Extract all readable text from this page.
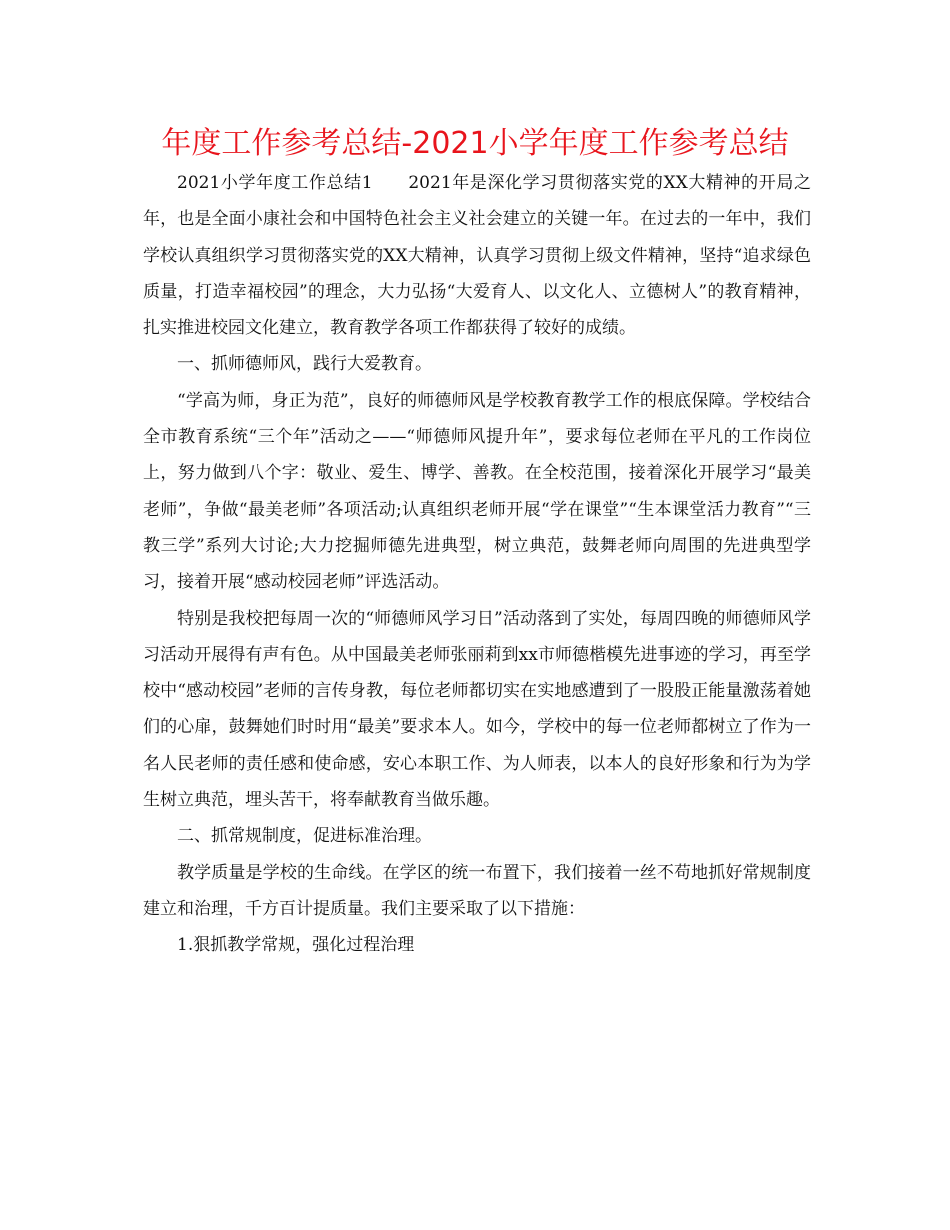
年度工作参考总结-2021小学年度工作参考总结

2021小学年度工作总结1　　2021年是深化学习贯彻落实党的XX大精神的开局之年，也是全面小康社会和中国特色社会主义社会建立的关键一年。在过去的一年中，我们学校认真组织学习贯彻落实党的XX大精神，认真学习贯彻上级文件精神，坚持“追求绿色质量，打造幸福校园”的理念，大力弘扬“大爱育人、以文化人、立德树人”的教育精神，扎实推进校园文化建立，教育教学各项工作都获得了较好的成绩。

一、抓师德师风，践行大爱教育。

“学高为师，身正为范”，良好的师德师风是学校教育教学工作的根底保障。学校结合全市教育系统“三个年”活动之——“师德师风提升年”，要求每位老师在平凡的工作岗位上，努力做到八个字：敬业、爱生、博学、善教。在全校范围，接着深化开展学习“最美老师”，争做“最美老师”各项活动;认真组织老师开展“学在课堂”“生本课堂活力教育”“三教三学”系列大讨论;大力挖掘师德先进典型，树立典范，鼓舞老师向周围的先进典型学习，接着开展“感动校园老师”评选活动。

特别是我校把每周一次的“师德师风学习日”活动落到了实处，每周四晚的师德师风学习活动开展得有声有色。从中国最美老师张丽莉到xx市师德楷模先进事迹的学习，再至学校中“感动校园”老师的言传身教，每位老师都切实在实地感遭到了一股股正能量激荡着她们的心扉，鼓舞她们时时用“最美”要求本人。如今，学校中的每一位老师都树立了作为一名人民老师的责任感和使命感，安心本职工作、为人师表，以本人的良好形象和行为为学生树立典范，埋头苦干，将奉献教育当做乐趣。

二、抓常规制度，促进标准治理。

教学质量是学校的生命线。在学区的统一布置下，我们接着一丝不苟地抓好常规制度建立和治理，千方百计提质量。我们主要采取了以下措施：

1.狠抓教学常规，强化过程治理
